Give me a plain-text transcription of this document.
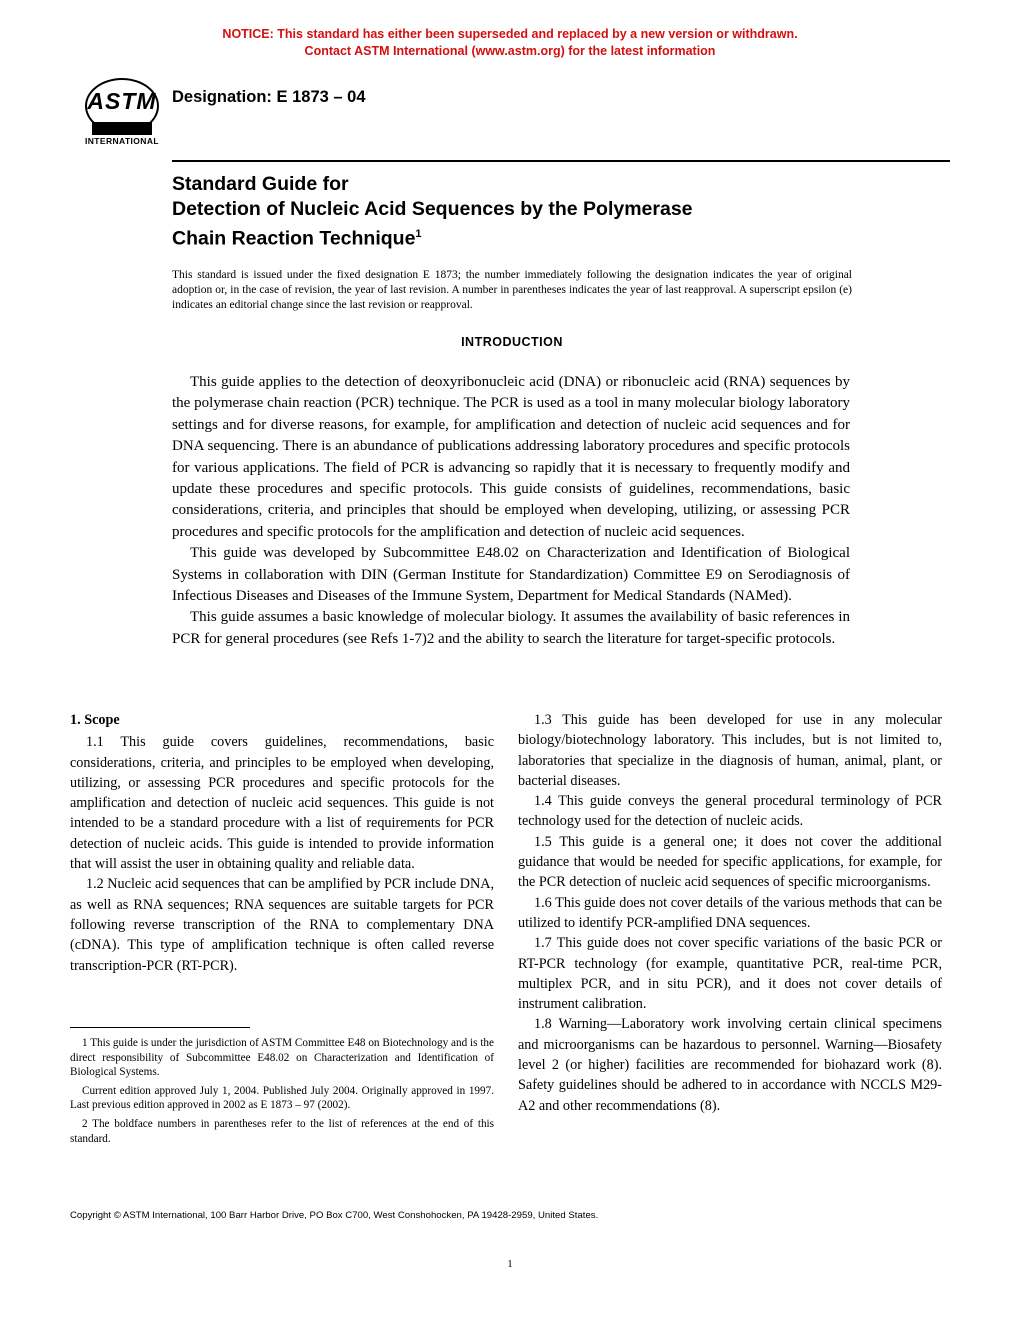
NOTICE: This standard has either been superseded and replaced by a new version or withdrawn.
Contact ASTM International (www.astm.org) for the latest information
ASTM
INTERNATIONAL
Designation: E 1873 – 04
Standard Guide for
Detection of Nucleic Acid Sequences by the Polymerase
Chain Reaction Technique$^1$
This standard is issued under the fixed designation E 1873; the number immediately following the designation indicates the year of original adoption or, in the case of revision, the year of last revision. A number in parentheses indicates the year of last reapproval. A superscript epsilon (e) indicates an editorial change since the last revision or reapproval.
INTRODUCTION

This guide applies to the detection of deoxyribonucleic acid (DNA) or ribonucleic acid (RNA) sequences by the polymerase chain reaction (PCR) technique. The PCR is used as a tool in many molecular biology laboratory settings and for diverse reasons, for example, for amplification and detection of nucleic acid sequences and for DNA sequencing. There is an abundance of publications addressing laboratory procedures and specific protocols for various applications. The field of PCR is advancing so rapidly that it is necessary to frequently modify and update these procedures and specific protocols. This guide consists of guidelines, recommendations, basic considerations, criteria, and principles that should be employed when developing, utilizing, or assessing PCR procedures and specific protocols for the amplification and detection of nucleic acid sequences.

This guide was developed by Subcommittee E48.02 on Characterization and Identification of Biological Systems in collaboration with DIN (German Institute for Standardization) Committee E9 on Serodiagnosis of Infectious Diseases and Diseases of the Immune System, Department for Medical Standards (NAMed).

This guide assumes a basic knowledge of molecular biology. It assumes the availability of basic references in PCR for general procedures (see Refs 1-7)2 and the ability to search the literature for target-specific protocols.

1. Scope

1.1 This guide covers guidelines, recommendations, basic considerations, criteria, and principles to be employed when developing, utilizing, or assessing PCR procedures and specific protocols for the amplification and detection of nucleic acid sequences. This guide is not intended to be a standard procedure with a list of requirements for PCR detection of nucleic acids. This guide is intended to provide information that will assist the user in obtaining quality and reliable data.

1.2 Nucleic acid sequences that can be amplified by PCR include DNA, as well as RNA sequences; RNA sequences are suitable targets for PCR following reverse transcription of the RNA to complementary DNA (cDNA). This type of amplification technique is often called reverse transcription-PCR (RT-PCR).

1.3 This guide has been developed for use in any molecular biology/biotechnology laboratory. This includes, but is not limited to, laboratories that specialize in the diagnosis of human, animal, plant, or bacterial diseases.

1.4 This guide conveys the general procedural terminology of PCR technology used for the detection of nucleic acids.

1.5 This guide is a general one; it does not cover the additional guidance that would be needed for specific applications, for example, for the PCR detection of nucleic acid sequences of specific microorganisms.

1.6 This guide does not cover details of the various methods that can be utilized to identify PCR-amplified DNA sequences.

1.7 This guide does not cover specific variations of the basic PCR or RT-PCR technology (for example, quantitative PCR, real-time PCR, multiplex PCR, and in situ PCR), and it does not cover details of instrument calibration.

1.8 Warning—Laboratory work involving certain clinical specimens and microorganisms can be hazardous to personnel. Warning—Biosafety level 2 (or higher) facilities are recommended for biohazard work (8). Safety guidelines should be adhered to in accordance with NCCLS M29-A2 and other recommendations (8).

1 This guide is under the jurisdiction of ASTM Committee E48 on Biotechnology and is the direct responsibility of Subcommittee E48.02 on Characterization and Identification of Biological Systems.

Current edition approved July 1, 2004. Published July 2004. Originally approved in 1997. Last previous edition approved in 2002 as E 1873 – 97 (2002).

2 The boldface numbers in parentheses refer to the list of references at the end of this standard.

Copyright © ASTM International, 100 Barr Harbor Drive, PO Box C700, West Conshohocken, PA 19428-2959, United States.
1
